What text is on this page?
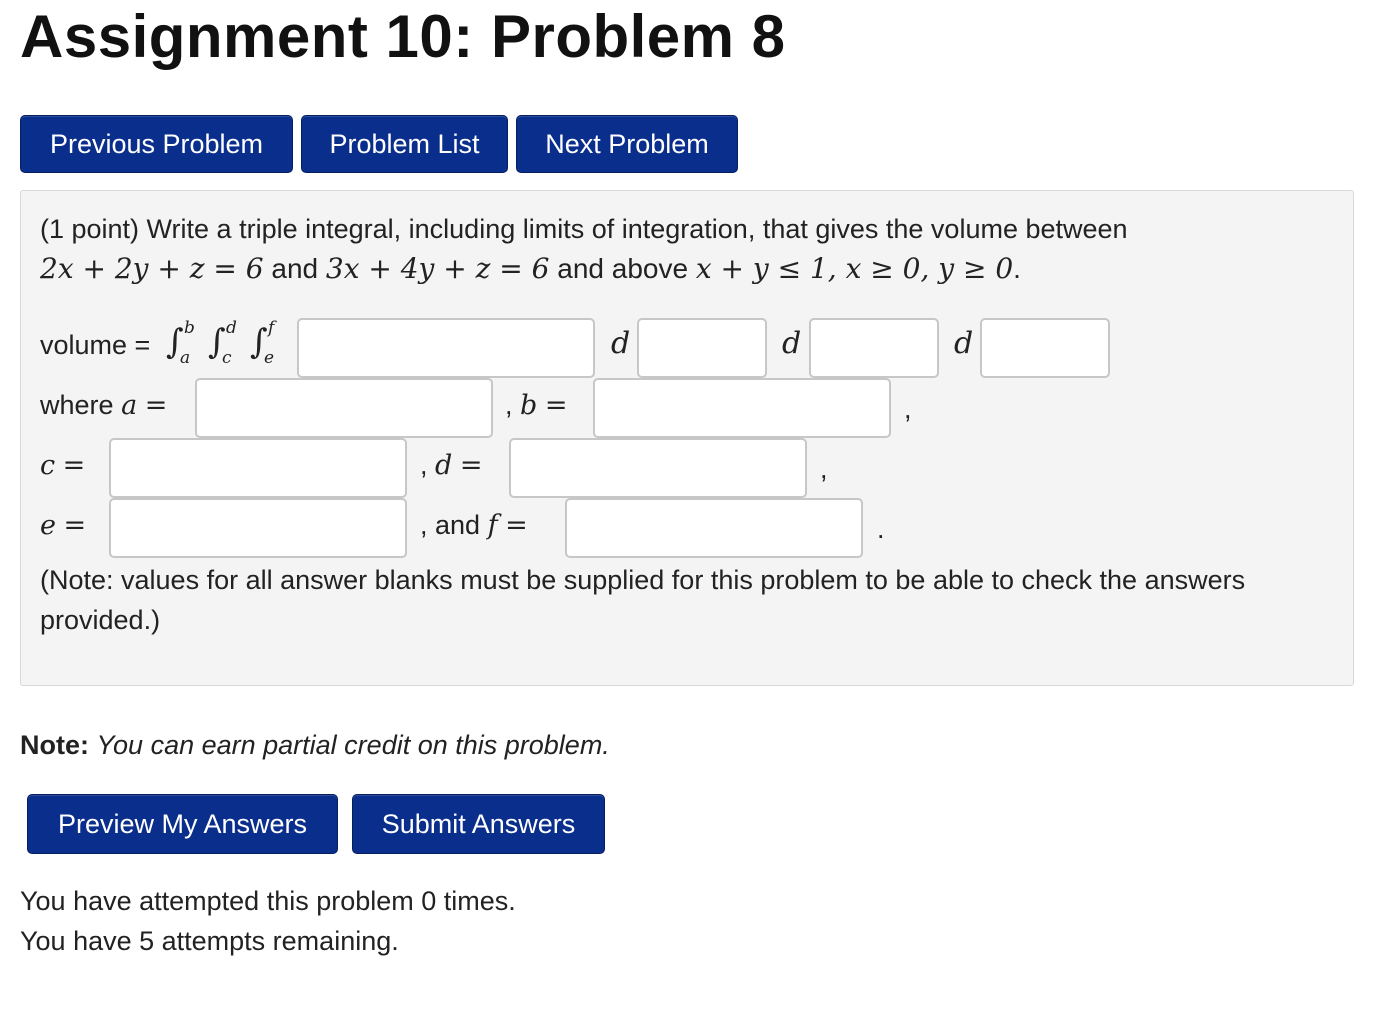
Assignment 10: Problem 8
Previous Problem	Problem List	Next Problem
(1 point) Write a triple integral, including limits of integration, that gives the volume between
2x + 2y + z = 6 and 3x + 4y + z = 6 and above x + y ≤ 1, x ≥ 0, y ≥ 0.
volume = ∫ b
a ∫ d
c ∫ f
e	d	d	d
where a =	, b =	,
c =	, d =	,
e =	, and f =	.
(Note: values for all answer blanks must be supplied for this problem to be able to check the answers provided.)
Note: You can earn partial credit on this problem.
Preview My Answers	Submit Answers
You have attempted this problem 0 times.
You have 5 attempts remaining.
